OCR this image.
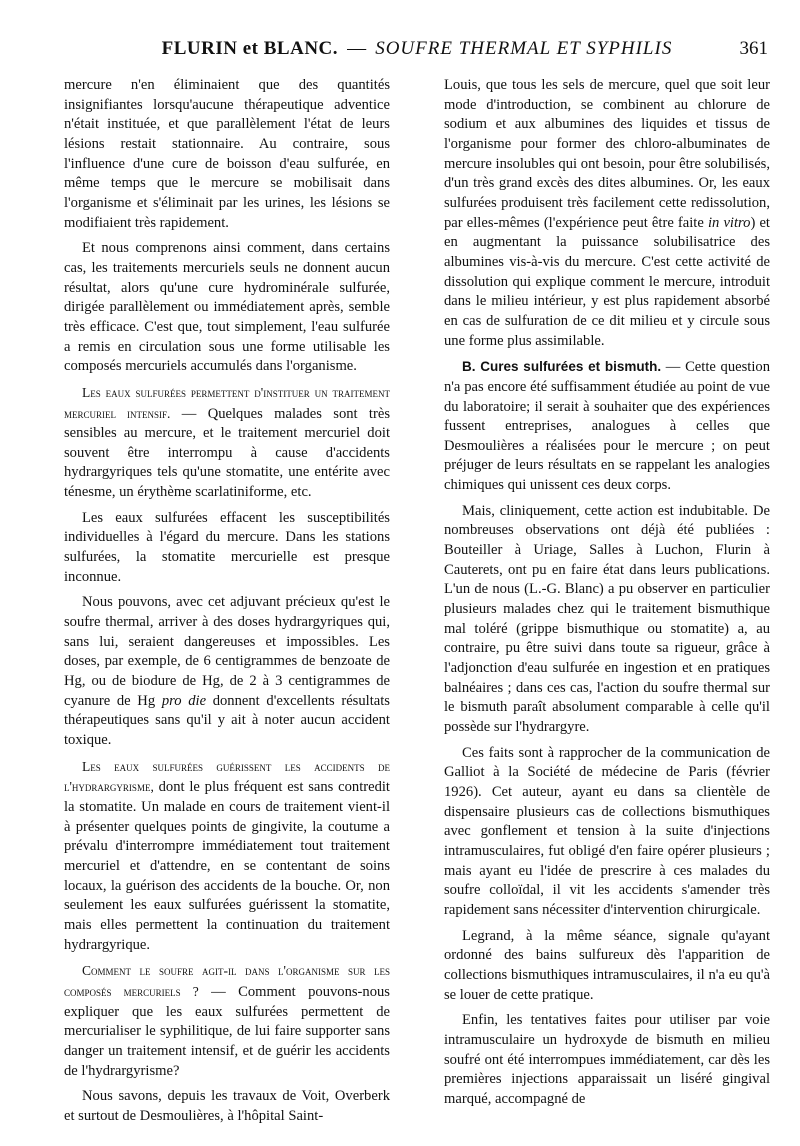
FLURIN et BLANC. — SOUFRE THERMAL ET SYPHILIS	361

mercure n'en éliminaient que des quantités insignifiantes lorsqu'aucune thérapeutique adventice n'était instituée, et que parallèlement l'état de leurs lésions restait stationnaire. Au contraire, sous l'influence d'une cure de boisson d'eau sulfurée, en même temps que le mercure se mobilisait dans l'organisme et s'éliminait par les urines, les lésions se modifiaient très rapidement.

Et nous comprenons ainsi comment, dans certains cas, les traitements mercuriels seuls ne donnent aucun résultat, alors qu'une cure hydrominérale sulfurée, dirigée parallèlement ou immédiatement après, semble très efficace. C'est que, tout simplement, l'eau sulfurée a remis en circulation sous une forme utilisable les composés mercuriels accumulés dans l'organisme.

Les eaux sulfurées permettent d'instituer un traitement mercuriel intensif. — Quelques malades sont très sensibles au mercure, et le traitement mercuriel doit souvent être interrompu à cause d'accidents hydrargyriques tels qu'une stomatite, une entérite avec ténesme, un érythème scarlatiniforme, etc.

Les eaux sulfurées effacent les susceptibilités individuelles à l'égard du mercure. Dans les stations sulfurées, la stomatite mercurielle est presque inconnue.

Nous pouvons, avec cet adjuvant précieux qu'est le soufre thermal, arriver à des doses hydrargyriques qui, sans lui, seraient dangereuses et impossibles. Les doses, par exemple, de 6 centigrammes de benzoate de Hg, ou de biodure de Hg, de 2 à 3 centigrammes de cyanure de Hg pro die donnent d'excellents résultats thérapeutiques sans qu'il y ait à noter aucun accident toxique.

Les eaux sulfurées guérissent les accidents de l'hydrargyrisme, dont le plus fréquent est sans contredit la stomatite. Un malade en cours de traitement vient-il à présenter quelques points de gingivite, la coutume a prévalu d'interrompre immédiatement tout traitement mercuriel et d'attendre, en se contentant de soins locaux, la guérison des accidents de la bouche. Or, non seulement les eaux sulfurées guérissent la stomatite, mais elles permettent la continuation du traitement hydrargyrique.

Comment le soufre agit-il dans l'organisme sur les composés mercuriels ? — Comment pouvons-nous expliquer que les eaux sulfurées permettent de mercurialiser le syphilitique, de lui faire supporter sans danger un traitement intensif, et de guérir les accidents de l'hydrargyrisme?

Nous savons, depuis les travaux de Voit, Overberk et surtout de Desmoulières, à l'hôpital Saint-

Louis, que tous les sels de mercure, quel que soit leur mode d'introduction, se combinent au chlorure de sodium et aux albumines des liquides et tissus de l'organisme pour former des chloro-albuminates de mercure insolubles qui ont besoin, pour être solubilisés, d'un très grand excès des dites albumines. Or, les eaux sulfurées produisent très facilement cette redissolution, par elles-mêmes (l'expérience peut être faite in vitro) et en augmentant la puissance solubilisatrice des albumines vis-à-vis du mercure. C'est cette activité de dissolution qui explique comment le mercure, introduit dans le milieu intérieur, y est plus rapidement absorbé en cas de sulfuration de ce dit milieu et y circule sous une forme plus assimilable.

B. Cures sulfurées et bismuth. — Cette question n'a pas encore été suffisamment étudiée au point de vue du laboratoire; il serait à souhaiter que des expériences fussent entreprises, analogues à celles que Desmoulières a réalisées pour le mercure ; on peut préjuger de leurs résultats en se rappelant les analogies chimiques qui unissent ces deux corps.

Mais, cliniquement, cette action est indubitable. De nombreuses observations ont déjà été publiées : Bouteiller à Uriage, Salles à Luchon, Flurin à Cauterets, ont pu en faire état dans leurs publications. L'un de nous (L.-G. Blanc) a pu observer en particulier plusieurs malades chez qui le traitement bismuthique mal toléré (grippe bismuthique ou stomatite) a, au contraire, pu être suivi dans toute sa rigueur, grâce à l'adjonction d'eau sulfurée en ingestion et en pratiques balnéaires ; dans ces cas, l'action du soufre thermal sur le bismuth paraît absolument comparable à celle qu'il possède sur l'hydrargyre.

Ces faits sont à rapprocher de la communication de Galliot à la Société de médecine de Paris (février 1926). Cet auteur, ayant eu dans sa clientèle de dispensaire plusieurs cas de collections bismuthiques avec gonflement et tension à la suite d'injections intramusculaires, fut obligé d'en faire opérer plusieurs ; mais ayant eu l'idée de prescrire à ces malades du soufre colloïdal, il vit les accidents s'amender très rapidement sans nécessiter d'intervention chirurgicale.

Legrand, à la même séance, signale qu'ayant ordonné des bains sulfureux dès l'apparition de collections bismuthiques intramusculaires, il n'a eu qu'à se louer de cette pratique.

Enfin, les tentatives faites pour utiliser par voie intramusculaire un hydroxyde de bismuth en milieu soufré ont été interrompues immédiatement, car dès les premières injections apparaissait un liséré gingival marqué, accompagné de
